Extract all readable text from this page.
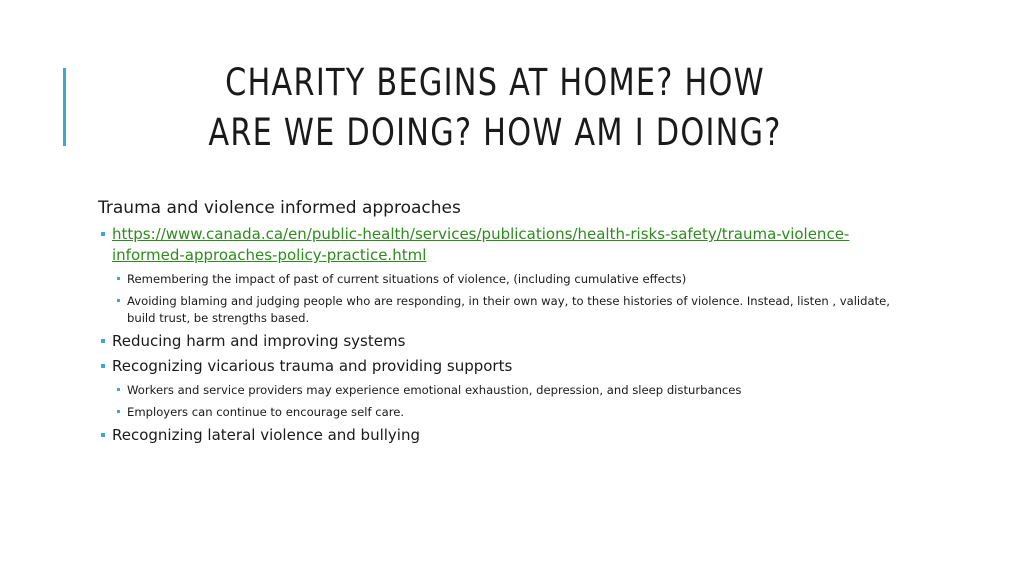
CHARITY BEGINS AT HOME? HOW ARE WE DOING? HOW AM I DOING?

Trauma and violence informed approaches

https://www.canada.ca/en/public-health/services/publications/health-risks-safety/trauma-violence-informed-approaches-policy-practice.html
Remembering the impact of past of current situations of violence, (including cumulative effects)
Avoiding blaming and judging people who are responding, in their own way, to these histories of violence. Instead, listen , validate, build trust, be strengths based.
Reducing harm and improving systems
Recognizing vicarious trauma and providing supports
Workers and service providers may experience emotional exhaustion, depression, and sleep disturbances
Employers can continue to encourage self care.
Recognizing lateral violence and bullying
